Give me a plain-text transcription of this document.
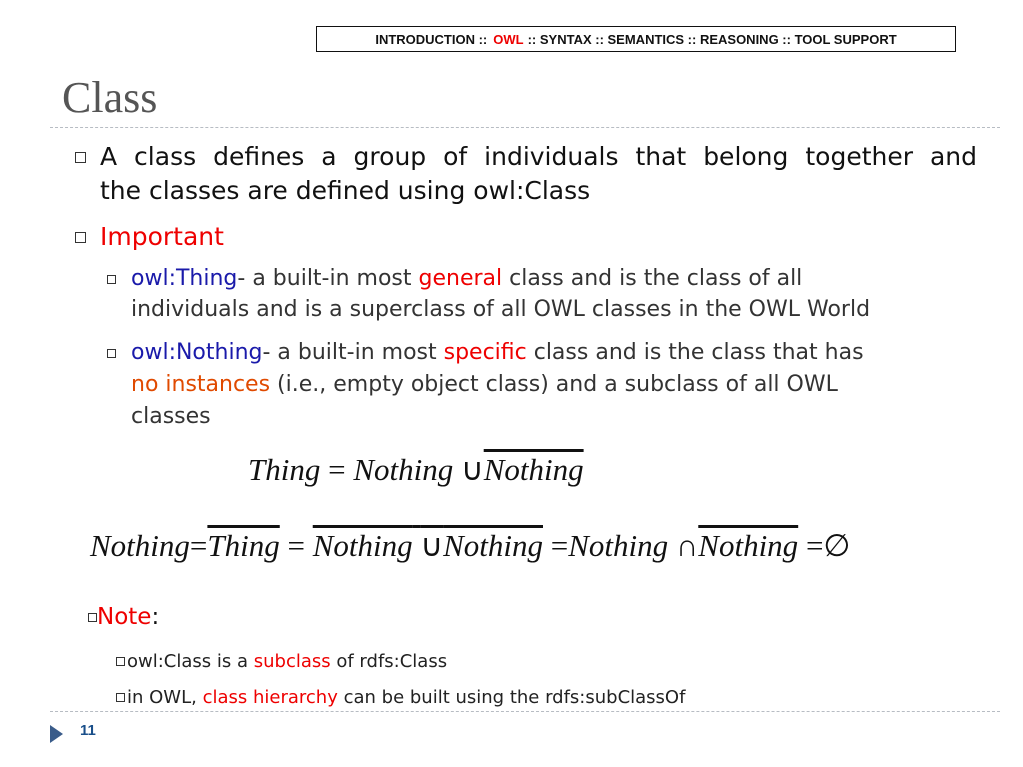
INTRODUCTION :: OWL :: SYNTAX :: SEMANTICS :: REASONING :: TOOL SUPPORT
Class
A class defines a group of individuals that belong together and
the classes are defined using owl:Class
Important
owl:Thing- a built-in most general class and is the class of all
individuals and is a superclass of all OWL classes in the OWL World
owl:Nothing- a built-in most specific class and is the class that has
no instances (i.e., empty object class) and a subclass of all OWL
classes
Thing = Nothing ∪Nothing
Nothing=Thing = Nothing ∪Nothing =Nothing ∩Nothing =∅
Note:
owl:Class is a subclass of rdfs:Class
in OWL, class hierarchy can be built using the rdfs:subClassOf
11
